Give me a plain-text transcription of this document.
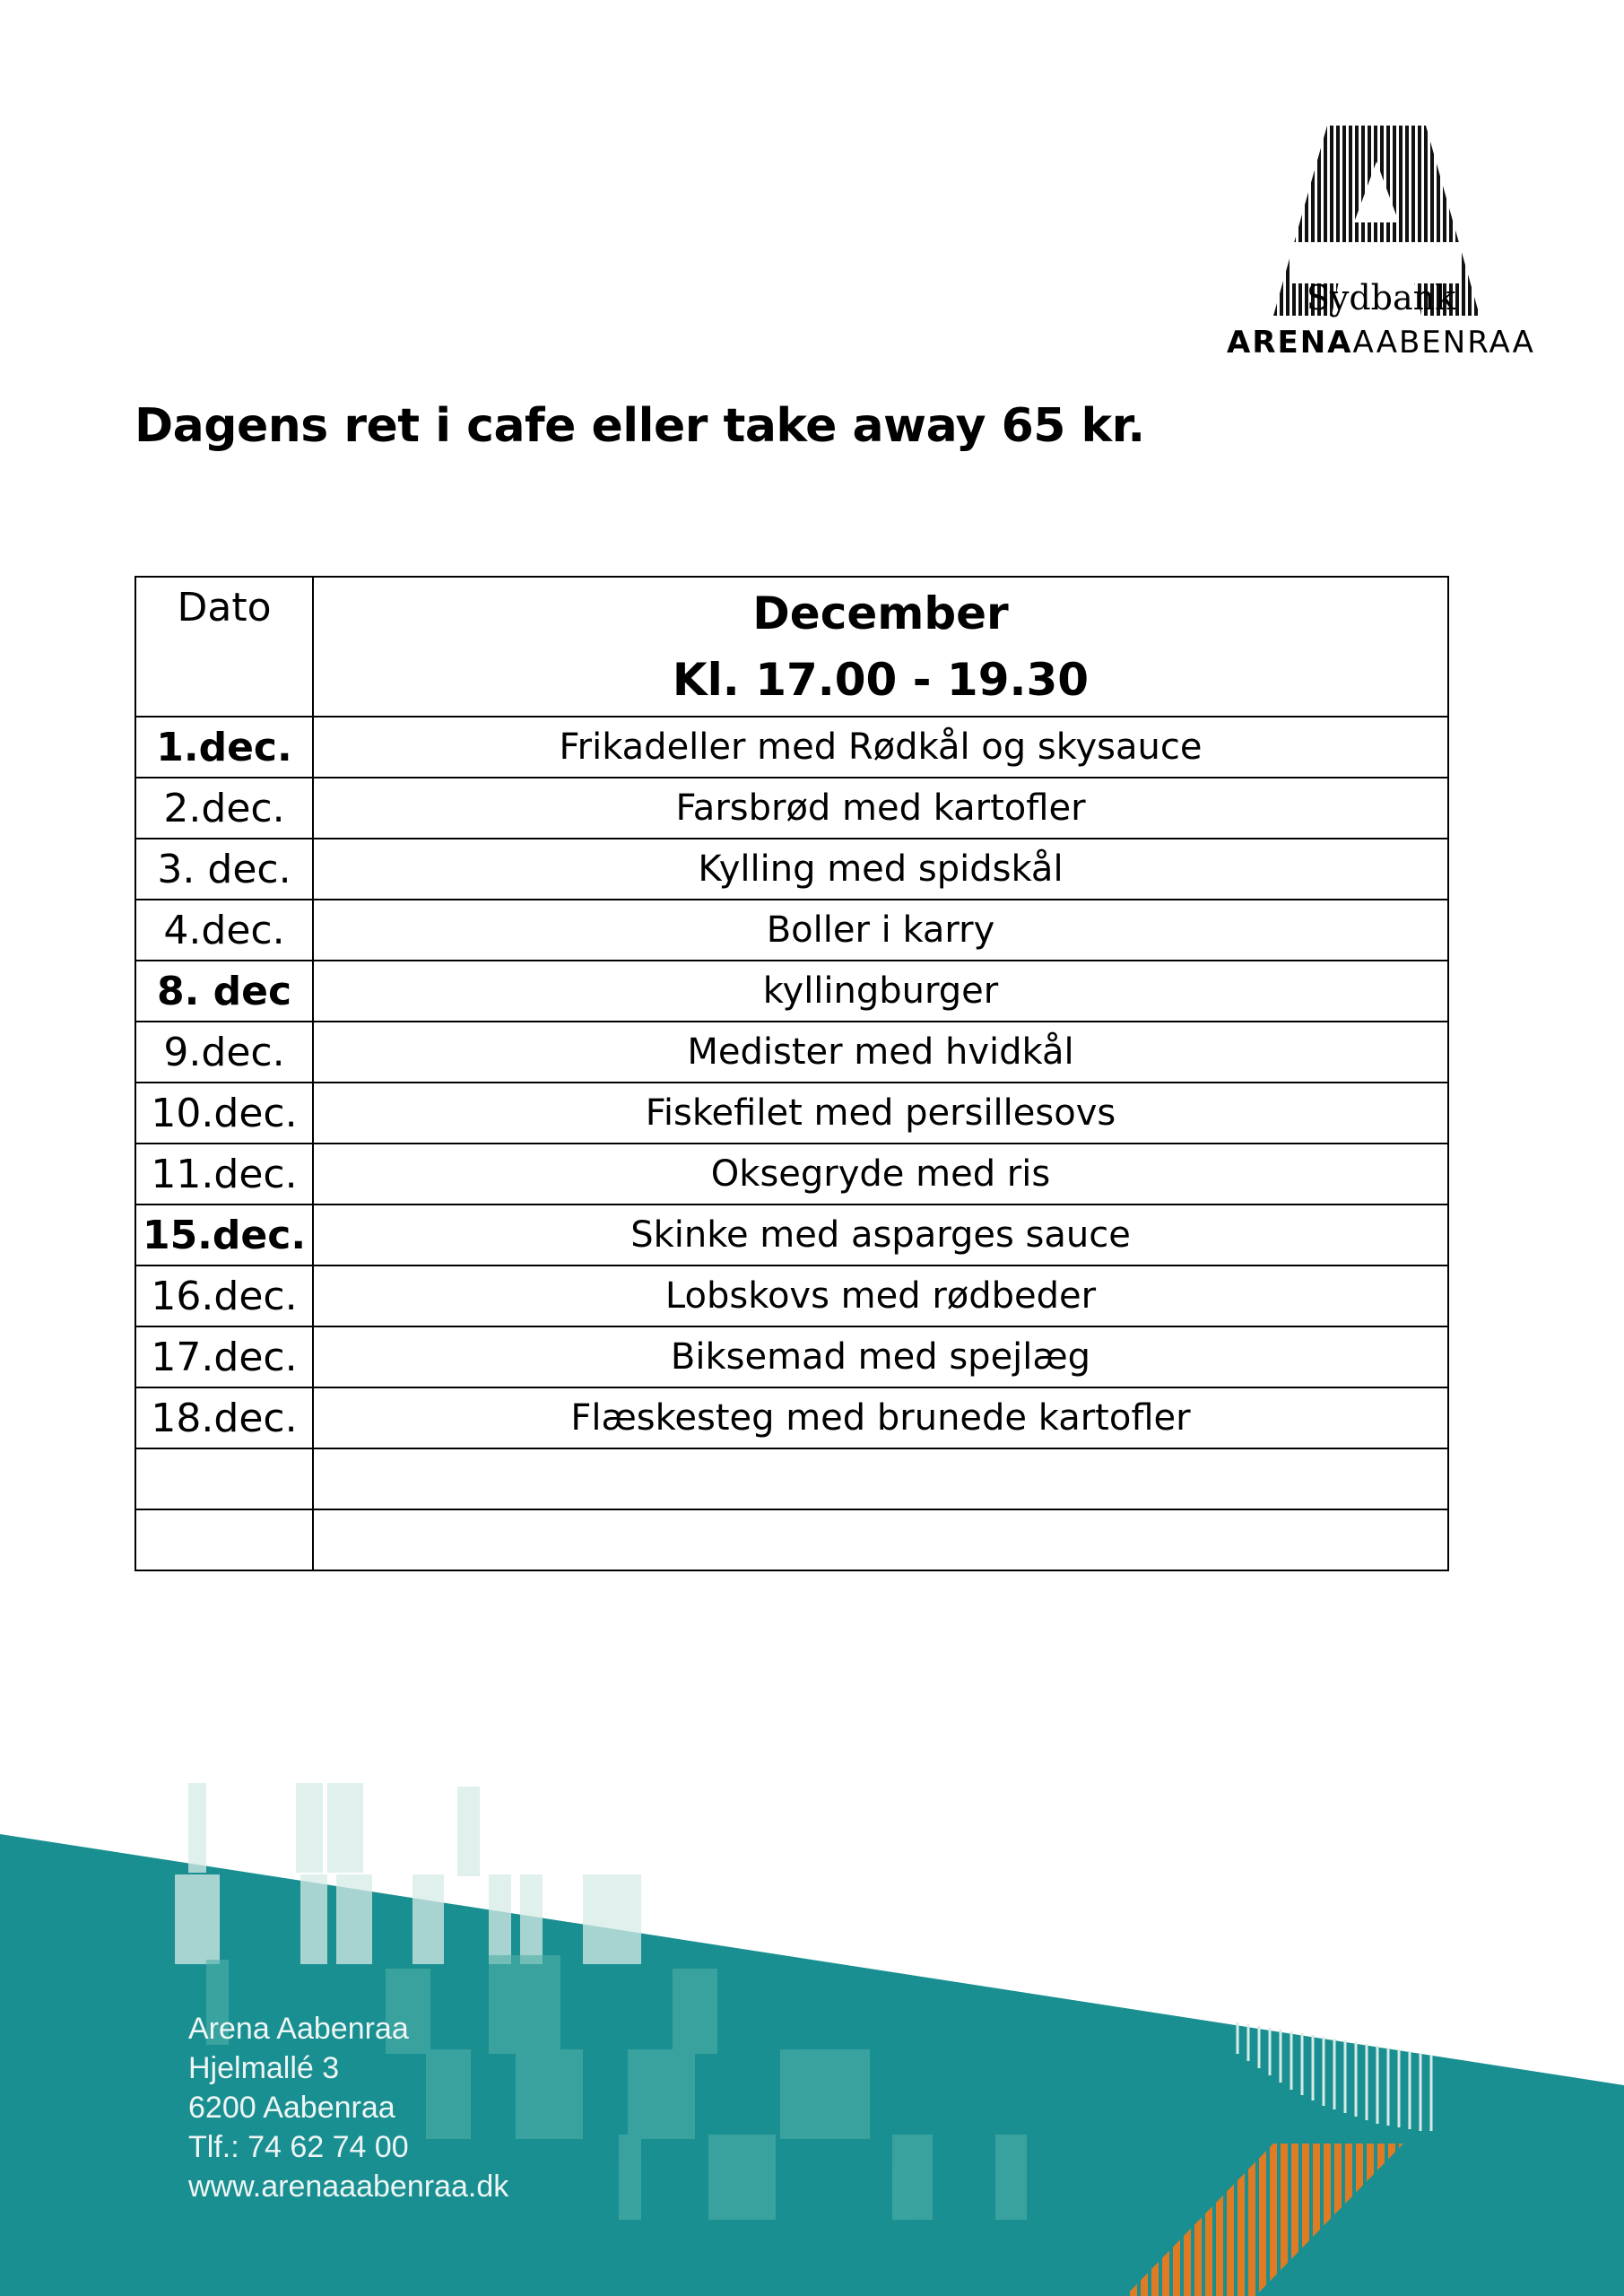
Sydbank
ARENAAABENRAA
Dagens ret i cafe eller take away 65 kr.
Dato	December
Kl. 17.00 - 19.30

1.dec.	Frikadeller med Rødkål og skysauce
2.dec.	Farsbrød med kartofler
3. dec.	Kylling med spidskål
4.dec.	Boller i karry
8. dec	kyllingburger
9.dec.	Medister med hvidkål
10.dec.	Fiskefilet med persillesovs
11.dec.	Oksegryde med ris
15.dec.	Skinke med asparges sauce
16.dec.	Lobskovs med rødbeder
17.dec.	Biksemad med spejlæg
18.dec.	Flæskesteg med brunede kartofler

Arena Aabenraa
Hjelmallé 3
6200 Aabenraa
Tlf.: 74 62 74 00
www.arenaaabenraa.dk
